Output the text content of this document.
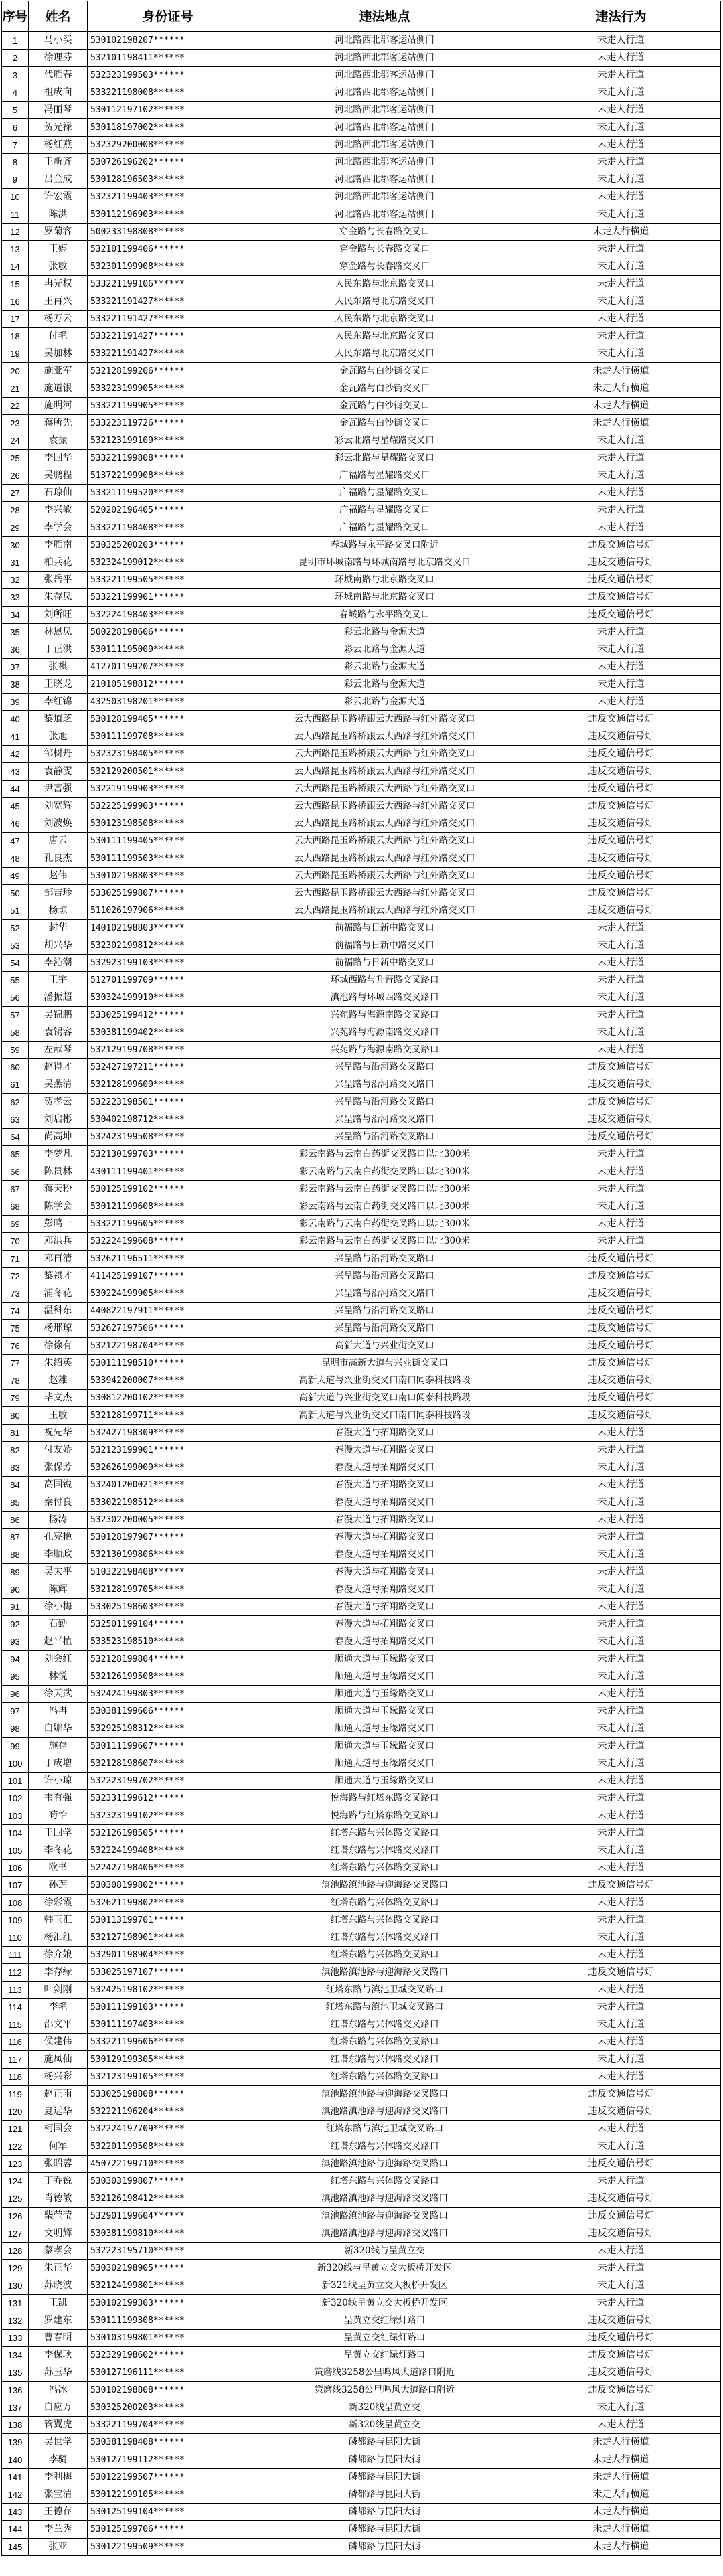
序号	姓名	身份证号	违法地点	违法行为
1	马小买	530102198207******	河北路西北郡客运站侧门	未走人行道
2	徐理芬	532101198411******	河北路西北郡客运站侧门	未走人行道
3	代雁春	532323199503******	河北路西北郡客运站侧门	未走人行道
4	祖成向	533221198008******	河北路西北郡客运站侧门	未走人行道
5	冯丽琴	530112197102******	河北路西北郡客运站侧门	未走人行道
6	贺光禄	530118197002******	河北路西北郡客运站侧门	未走人行道
7	杨红燕	532329200008******	河北路西北郡客运站侧门	未走人行道
8	王新齐	530726196202******	河北路西北郡客运站侧门	未走人行道
9	吕金成	530128196503******	河北路西北郡客运站侧门	未走人行道
10	许宏霞	532321199403******	河北路西北郡客运站侧门	未走人行道
11	陈洪	530112196903******	河北路西北郡客运站侧门	未走人行道
12	罗菊容	500233198808******	穿金路与长春路交叉口	未走人行横道
13	王婷	532101199406******	穿金路与长春路交叉口	未走人行道
14	张敏	532301199908******	穿金路与长春路交叉口	未走人行道
15	冉光权	533221199106******	人民东路与北京路交叉口	未走人行道
16	王再兴	533221191427******	人民东路与北京路交叉口	未走人行道
17	杨万云	533221191427******	人民东路与北京路交叉口	未走人行道
18	付艳	533221191427******	人民东路与北京路交叉口	未走人行道
19	吴加林	533221191427******	人民东路与北京路交叉口	未走人行道
20	施亚军	532128199206******	金瓦路与白沙街交叉口	未走人行横道
21	施道银	533223199905******	金瓦路与白沙街交叉口	未走人行横道
22	施明河	533221199905******	金瓦路与白沙街交叉口	未走人行横道
23	蒋所先	533223119726******	金瓦路与白沙街交叉口	未走人行横道
24	袁振	532123199109******	彩云北路与星耀路交叉口	未走人行道
25	李国华	533221199808******	彩云北路与星耀路交叉口	未走人行道
26	吴鹏程	513722199908******	广福路与星耀路交叉口	未走人行道
27	石琼仙	533211199520******	广福路与星耀路交叉口	未走人行道
28	李兴敏	520202196405******	广福路与星耀路交叉口	未走人行道
29	李学会	533221198408******	广福路与星耀路交叉口	未走人行道
30	李雁南	530325200203******	春城路与永平路交叉口附近	违反交通信号灯
31	柏兵花	532324199012******	昆明市环城南路与环城南路与北京路交叉口	违反交通信号灯
32	张岳平	533221199505******	环城南路与北京路交叉口	违反交通信号灯
33	朱存凤	533221199901******	环城南路与北京路交叉口	违反交通信号灯
34	刘所旺	532224198403******	春城路与永平路交叉口	违反交通信号灯
35	林恩凤	500228198606******	彩云北路与金源大道	未走人行道
36	丁正洪	530111195009******	彩云北路与金源大道	未走人行道
37	张祺	412701199207******	彩云北路与金源大道	未走人行道
38	王晓龙	210105198812******	彩云北路与金源大道	未走人行道
39	李红锦	432503198201******	彩云北路与金源大道	未走人行道
40	黎道芝	530128199405******	云大西路昆玉路桥跟云大西路与红外路交叉口	违反交通信号灯
41	张旭	530111199708******	云大西路昆玉路桥跟云大西路与红外路交叉口	违反交通信号灯
42	邹树丹	532323198405******	云大西路昆玉路桥跟云大西路与红外路交叉口	违反交通信号灯
43	袁静雯	532129200501******	云大西路昆玉路桥跟云大西路与红外路交叉口	违反交通信号灯
44	尹富强	532219199903******	云大西路昆玉路桥跟云大西路与红外路交叉口	违反交通信号灯
45	刘宽辉	532225199903******	云大西路昆玉路桥跟云大西路与红外路交叉口	违反交通信号灯
46	刘波焕	530123198508******	云大西路昆玉路桥跟云大西路与红外路交叉口	违反交通信号灯
47	唐云	530111199405******	云大西路昆玉路桥跟云大西路与红外路交叉口	违反交通信号灯
48	孔良杰	530111199503******	云大西路昆玉路桥跟云大西路与红外路交叉口	违反交通信号灯
49	赵伟	530102198803******	云大西路昆玉路桥跟云大西路与红外路交叉口	违反交通信号灯
50	邹吉珍	533025199807******	云大西路昆玉路桥跟云大西路与红外路交叉口	违反交通信号灯
51	杨琼	511026197906******	云大西路昆玉路桥跟云大西路与红外路交叉口	违反交通信号灯
52	封华	140102198803******	前福路与日新中路交叉口	未走人行道
53	胡兴华	532302199812******	前福路与日新中路交叉口	未走人行道
54	李沁潮	532923199103******	前福路与日新中路交叉口	未走人行道
55	王宇	512701199709******	环城西路与升晋路交叉路口	未走人行道
56	潘振超	530324199910******	滇池路与环城西路交叉路口	未走人行道
57	吴锦鹏	533025199412******	兴苑路与海源南路交叉路口	未走人行道
58	袁锡容	530381199402******	兴苑路与海源南路交叉路口	未走人行道
59	左献琴	532129199708******	兴苑路与海源南路交叉路口	未走人行道
60	赵得才	532427197211******	兴呈路与沿河路交叉路口	违反交通信号灯
61	吴燕清	532128199609******	兴呈路与沿河路交叉路口	违反交通信号灯
62	贺孝云	532223198501******	兴呈路与沿河路交叉路口	违反交通信号灯
63	刘启彬	530402198712******	兴呈路与沿河路交叉路口	违反交通信号灯
64	尚高坤	532423199508******	兴呈路与沿河路交叉路口	违反交通信号灯
65	李梦凡	532130199703******	彩云南路与云南白药街交叉路口以北300米	未走人行道
66	陈贵林	430111199401******	彩云南路与云南白药街交叉路口以北300米	未走人行道
67	蒋天粉	530125199102******	彩云南路与云南白药街交叉路口以北300米	未走人行道
68	陈学会	530121199608******	彩云南路与云南白药街交叉路口以北300米	未走人行道
69	彭鸣一	533221199605******	彩云南路与云南白药街交叉路口以北300米	未走人行道
70	邓洪兵	532224199608******	彩云南路与云南白药街交叉路口以北300米	未走人行道
71	邓再清	532621196511******	兴呈路与沿河路交叉路口	违反交通信号灯
72	黎祺才	411425199107******	兴呈路与沿河路交叉路口	违反交通信号灯
73	浦冬花	530224199905******	兴呈路与沿河路交叉路口	违反交通信号灯
74	温科东	440822197911******	兴呈路与沿河路交叉路口	违反交通信号灯
75	杨邢琼	532627197506******	兴呈路与沿河路交叉路口	违反交通信号灯
76	徐徐有	532122198704******	高新大道与兴业街交叉口	违反交通信号灯
77	朱绍英	530111198510******	昆明市高新大道与兴业街交叉口	违反交通信号灯
78	赵雄	533942200007******	高新大道与兴业街交叉口南口闻泰科技路段	违反交通信号灯
79	毕文杰	530812200102******	高新大道与兴业街交叉口南口闻泰科技路段	违反交通信号灯
80	王敏	532128199711******	高新大道与兴业街交叉口南口闻泰科技路段	违反交通信号灯
81	祝先华	532427198309******	春漫大道与拓翔路交叉口	未走人行道
82	付友娇	532123199901******	春漫大道与拓翔路交叉口	未走人行道
83	张保芳	532626199009******	春漫大道与拓翔路交叉口	未走人行道
84	高国锐	532401200021******	春漫大道与拓翔路交叉口	未走人行道
85	秦付良	533022198512******	春漫大道与拓翔路交叉口	未走人行道
86	杨涛	532302200005******	春漫大道与拓翔路交叉口	未走人行道
87	孔宪艳	530128197907******	春漫大道与拓翔路交叉口	未走人行道
88	李顺政	532130199806******	春漫大道与拓翔路交叉口	未走人行道
89	吴太平	510322198408******	春漫大道与拓翔路交叉口	未走人行道
90	陈辉	532128199705******	春漫大道与拓翔路交叉口	未走人行道
91	徐小梅	533025198603******	春漫大道与拓翔路交叉口	未走人行道
92	石勤	532501199104******	春漫大道与拓翔路交叉口	未走人行道
93	赵平植	533523198510******	春漫大道与拓翔路交叉口	未走人行道
94	刘会红	532128199804******	顺通大道与玉缘路交叉口	未走人行道
95	林悦	532126199508******	顺通大道与玉缘路交叉口	未走人行道
96	徐天武	532424199803******	顺通大道与玉缘路交叉口	未走人行道
97	冯冉	530381199606******	顺通大道与玉缘路交叉口	未走人行道
98	白娜华	532925198312******	顺通大道与玉缘路交叉口	未走人行道
99	施存	530111199607******	顺通大道与玉缘路交叉口	未走人行道
100	丁成增	532128198607******	顺通大道与玉缘路交叉口	未走人行道
101	许小琼	532223199702******	顺通大道与玉缘路交叉口	未走人行道
102	韦有强	532331199612******	悦海路与红塔东路交叉路口	未走人行道
103	苟怡	532323199102******	悦海路与红塔东路交叉路口	未走人行道
104	王国学	532126198505******	红塔东路与兴体路交叉路口	未走人行道
105	李冬花	532224199408******	红塔东路与兴体路交叉路口	未走人行道
106	欧书	522427198406******	红塔东路与兴体路交叉路口	未走人行道
107	孙莲	530308199802******	滇池路滇池路与迎海路交叉路口	违反交通信号灯
108	徐彩霞	532621199802******	红塔东路与兴体路交叉路口	未走人行道
109	韩玉汇	530113199701******	红塔东路与兴体路交叉路口	未走人行道
110	杨汇红	532127198901******	红塔东路与兴体路交叉路口	未走人行道
111	徐介娘	532901198904******	红塔东路与兴体路交叉路口	未走人行道
112	李存绿	533025197107******	滇池路滇池路与迎海路交叉路口	违反交通信号灯
113	叶剑刚	532425198102******	红塔东路与滇池卫城交叉路口	未走人行道
114	李艳	530111199103******	红塔东路与滇池卫城交叉路口	未走人行道
115	邵文平	530111197403******	红塔东路与兴体路交叉路口	未走人行道
116	侯建伟	533221199606******	红塔东路与兴体路交叉路口	未走人行道
117	施凤仙	530129199305******	红塔东路与兴体路交叉路口	未走人行道
118	杨兴彩	532123199105******	红塔东路与兴体路交叉路口	未走人行道
119	赵正雨	533025198808******	滇池路滇池路与迎海路交叉路口	违反交通信号灯
120	夏远华	532221196204******	滇池路滇池路与迎海路交叉路口	违反交通信号灯
121	柯国会	532224197709******	红塔东路与滇池卫城交叉路口	未走人行道
122	何军	532201199508******	红塔东路与兴体路交叉路口	未走人行道
123	张昭蓉	450722199710******	滇池路滇池路与迎海路交叉路口	违反交通信号灯
124	丁乔锐	530303199807******	红塔东路与兴体路交叉路口	未走人行道
125	肖德敏	532126198412******	滇池路滇池路与迎海路交叉路口	违反交通信号灯
126	柴莹莹	532901199604******	滇池路滇池路与迎海路交叉路口	违反交通信号灯
127	文明辉	530381199810******	滇池路滇池路与迎海路交叉路口	违反交通信号灯
128	蔡孝会	532223195710******	新320线与呈黄立交	未走人行道
129	朱正华	530302198905******	新320线与呈黄立交大板桥开发区	未走人行道
130	苏晓波	532124199801******	新321线呈黄立交大板桥开发区	未走人行道
131	王凯	530102199303******	新320线呈黄立交大板桥开发区	未走人行道
132	罗建东	530111199308******	呈黄立交红绿灯路口	违反交通信号灯
133	曹春明	530103199801******	呈黄立交红绿灯路口	违反交通信号灯
134	李保耿	532329198602******	呈黄立交红绿灯路口	违反交通信号灯
135	苏玉华	530127196111******	策磨线3258公里鸣风大道路口附近	违反交通信号灯
136	冯冰	530102198808******	策磨线3258公里鸣风大道路口附近	违反交通信号灯
137	白应万	530325200203******	新320线呈黄立交	未走人行道
138	管翼虎	533221199704******	新320线呈黄立交	未走人行道
139	吴世学	530381198408******	磷都路与昆阳大街	未走人行横道
140	李骑	530127199112******	磷都路与昆阳大街	未走人行横道
141	李利梅	530122199507******	磷都路与昆阳大街	未走人行横道
142	张宝清	530122199105******	磷都路与昆阳大街	未走人行横道
143	王德存	530125199104******	磷都路与昆阳大街	未走人行横道
144	李兰秀	530125199706******	磷都路与昆阳大街	未走人行横道
145	张亚	530122199509******	磷都路与昆阳大街	未走人行横道
